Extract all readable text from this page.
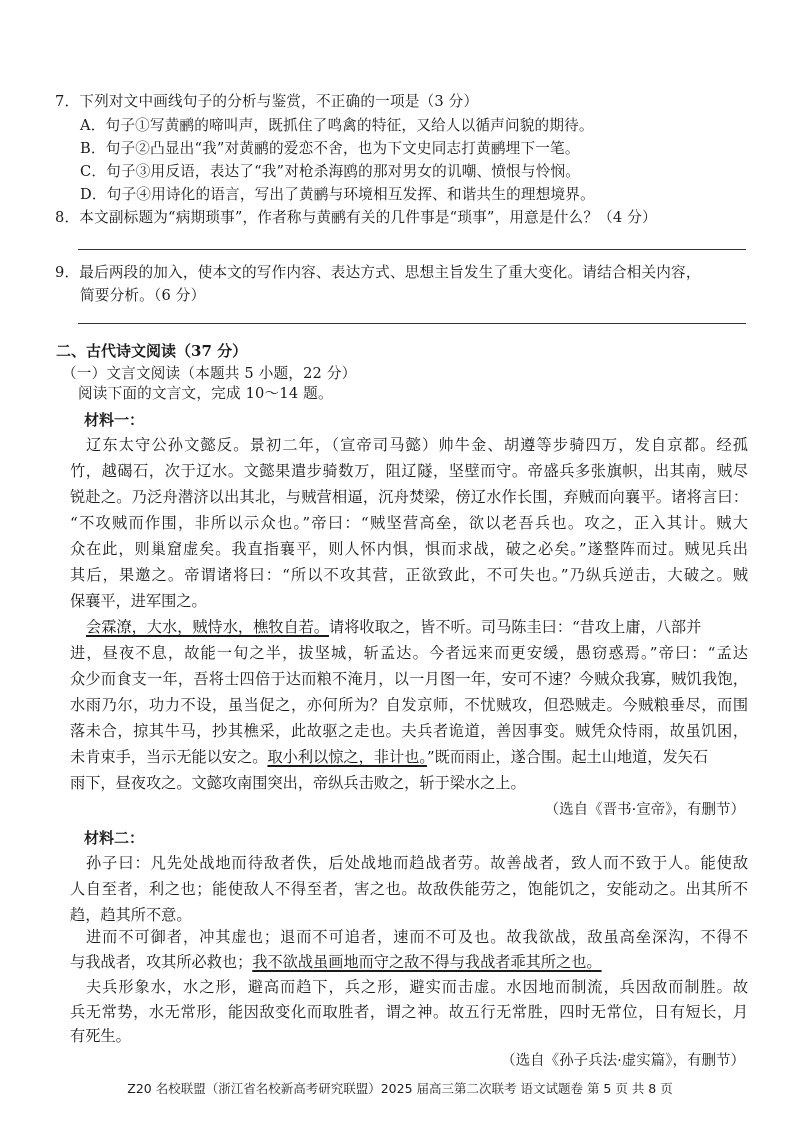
7．下列对文中画线句子的分析与鉴赏，不正确的一项是（3 分）
A．句子①写黄鹂的啼叫声，既抓住了鸣禽的特征，又给人以循声问貌的期待。
B．句子②凸显出“我”对黄鹂的爱恋不舍，也为下文史同志打黄鹂埋下一笔。
C．句子③用反语，表达了“我”对枪杀海鸥的那对男女的讥嘲、愤恨与怜悯。
D．句子④用诗化的语言，写出了黄鹂与环境相互发挥、和谐共生的理想境界。
8．本文副标题为“病期琐事”，作者称与黄鹂有关的几件事是“琐事”，用意是什么？（4 分）
9．最后两段的加入，使本文的写作内容、表达方式、思想主旨发生了重大变化。请结合相关内容，
简要分析。（6 分）
二、古代诗文阅读（37 分）
（一）文言文阅读（本题共 5 小题，22 分）
阅读下面的文言文，完成 10～14 题。
材料一：
辽东太守公孙文懿反。景初二年，（宣帝司马懿）帅牛金、胡遵等步骑四万，发自京都。经孤
竹，越碣石，次于辽水。文懿果遣步骑数万，阻辽隧，坚壁而守。帝盛兵多张旗帜，出其南，贼尽
锐赴之。乃泛舟潜济以出其北，与贼营相逼，沉舟焚梁，傍辽水作长围，弃贼而向襄平。诸将言曰：
“不攻贼而作围，非所以示众也。”帝曰：“贼坚营高垒，欲以老吾兵也。攻之，正入其计。贼大
众在此，则巢窟虚矣。我直指襄平，则人怀内惧，惧而求战，破之必矣。”遂整阵而过。贼见兵出
其后，果邀之。帝谓诸将曰：“所以不攻其营，正欲致此，不可失也。”乃纵兵逆击，大破之。贼
保襄平，进军围之。
会霖潦，大水，贼恃水，樵牧自若。请将收取之，皆不听。司马陈圭曰：“昔攻上庸，八部并
进，昼夜不息，故能一旬之半，拔坚城，斩孟达。今者远来而更安缓，愚窃惑焉。”帝曰：“孟达
众少而食支一年，吾将士四倍于达而粮不淹月，以一月图一年，安可不速？今贼众我寡，贼饥我饱，
水雨乃尔，功力不设，虽当促之，亦何所为？自发京师，不忧贼攻，但恐贼走。今贼粮垂尽，而围
落未合，掠其牛马，抄其樵采，此故驱之走也。夫兵者诡道，善因事变。贼凭众恃雨，故虽饥困，
未肯束手，当示无能以安之。取小利以惊之，非计也。”既而雨止，遂合围。起土山地道，发矢石
雨下，昼夜攻之。文懿攻南围突出，帝纵兵击败之，斩于梁水之上。
（选自《晋书·宣帝》，有删节）
材料二：
孙子曰：凡先处战地而待敌者佚，后处战地而趋战者劳。故善战者，致人而不致于人。能使敌
人自至者，利之也；能使敌人不得至者，害之也。故敌佚能劳之，饱能饥之，安能动之。出其所不
趋，趋其所不意。
进而不可御者，冲其虚也；退而不可追者，速而不可及也。故我欲战，敌虽高垒深沟，不得不
与我战者，攻其所必救也；我不欲战虽画地而守之敌不得与我战者乖其所之也。
夫兵形象水，水之形，避高而趋下，兵之形，避实而击虚。水因地而制流，兵因敌而制胜。故
兵无常势，水无常形，能因敌变化而取胜者，谓之神。故五行无常胜，四时无常位，日有短长，月
有死生。
Z20 名校联盟（浙江省名校新高考研究联盟）2025 届高三第二次联考 语文试题卷 第 5 页 共 8 页
（选自《孙子兵法·虚实篇》，有删节）
